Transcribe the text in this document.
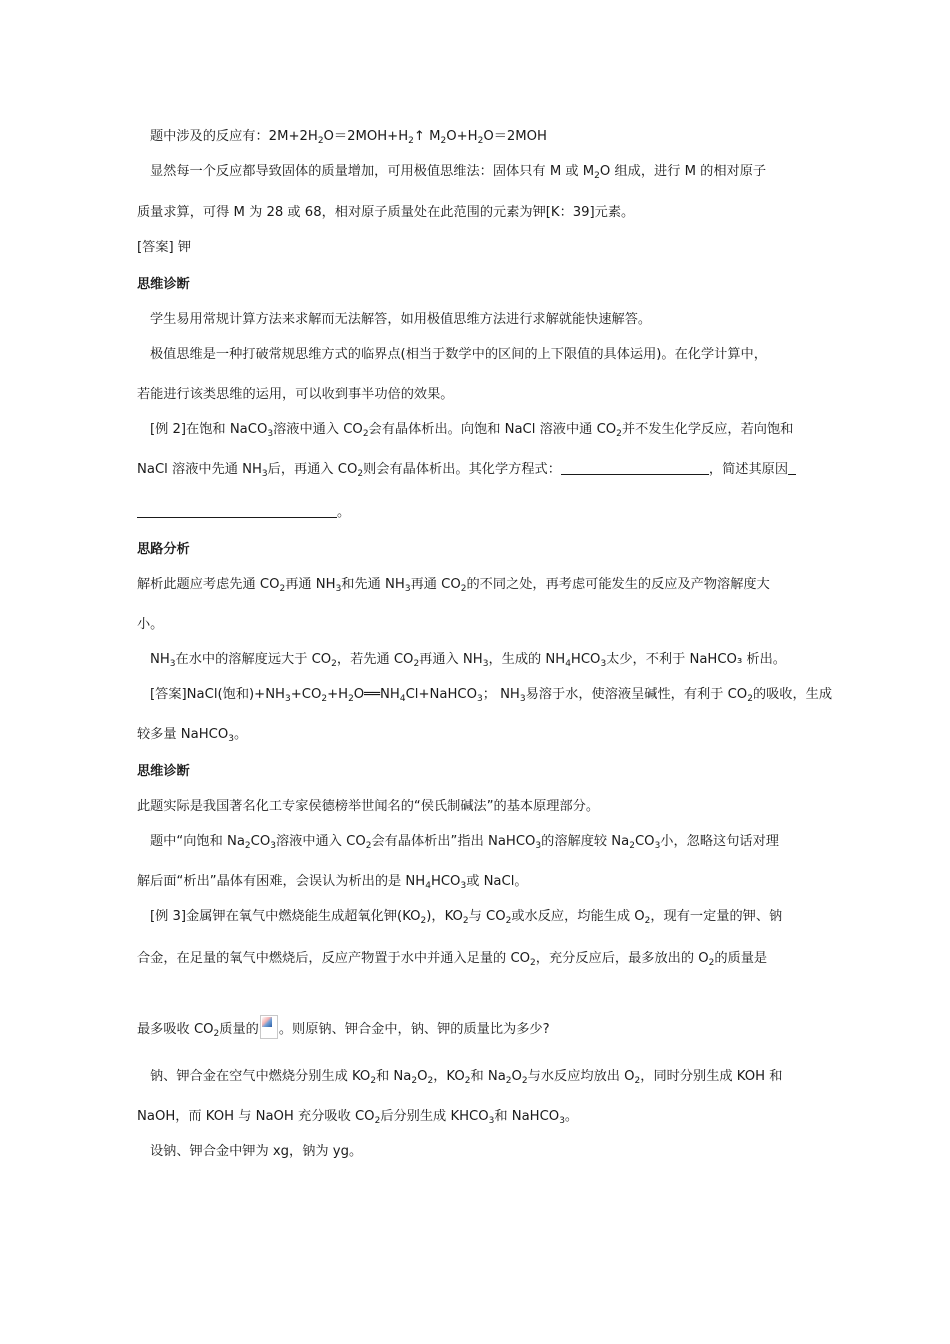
题中涉及的反应有：$2M+2H_2O=2MOH+H_2↑$ $M_2O+H_2O=2MOH$
显然每一个反应都导致固体的质量增加，可用极值思维法：固体只有 M 或 $M_2O$ 组成，进行 M 的相对原子
质量求算，可得 M 为 28 或 68，相对原子质量处在此范围的元素为钾[K：39]元素。
[答案] 钾
思维诊断
学生易用常规计算方法来求解而无法解答，如用极值思维方法进行求解就能快速解答。
极值思维是一种打破常规思维方式的临界点(相当于数学中的区间的上下限值的具体运用)。在化学计算中，
若能进行该类思维的运用，可以收到事半功倍的效果。
[例 2]在饱和 NaCO$_3$溶液中通入 $CO_2$会有晶体析出。向饱和 NaCl 溶液中通 $CO_2$并不发生化学反应，若向饱和
NaCl 溶液中先通 $NH_3$后，再通入 $CO_2$则会有晶体析出。其化学方程式：	，简述其原因
。
思路分析
解析此题应考虑先通 $CO_2$再通 $NH_3$和先通 $NH_3$再通 $CO_2$的不同之处，再考虑可能发生的反应及产物溶解度大
小。
$NH_3$在水中的溶解度远大于 $CO_2$，若先通 $CO_2$再通入 $NH_3$，生成的 $NH_4HCO_3$太少，不利于 NaHCO₃ 析出。
[答案]NaCl(饱和)$+NH_3+CO_2+H_2O══NH_4Cl+NaHCO_3$； $NH_3$易溶于水，使溶液呈碱性，有利于 $CO_2$的吸收，生成
较多量 NaHCO$_3$。
思维诊断
此题实际是我国著名化工专家侯德榜举世闻名的“侯氏制碱法”的基本原理部分。
题中“向饱和 $Na_2CO_3$溶液中通入 $CO_2$会有晶体析出”指出 NaHCO$_3$的溶解度较 $Na_2CO_3$小，忽略这句话对理
解后面“析出”晶体有困难，会误认为析出的是 $NH_4HCO_3$或 NaCl。
[例 3]金属钾在氧气中燃烧能生成超氧化钾$(KO_2)$，$KO_2$与 $CO_2$或水反应，均能生成 $O_2$，现有一定量的钾、钠
合金，在足量的氧气中燃烧后，反应产物置于水中并通入足量的 $CO_2$，充分反应后，最多放出的 $O_2$的质量是
最多吸收 $CO_2$质量的 。则原钠、钾合金中，钠、钾的质量比为多少?
钠、钾合金在空气中燃烧分别生成 $KO_2$和 $Na_2O_2$，$KO_2$和 $Na_2O_2$与水反应均放出 $O_2$，同时分别生成 KOH 和
NaOH，而 KOH 与 NaOH 充分吸收 $CO_2$后分别生成 $KHCO_3$和 NaHCO$_3$。
设钠、钾合金中钾为 xg，钠为 yg。
